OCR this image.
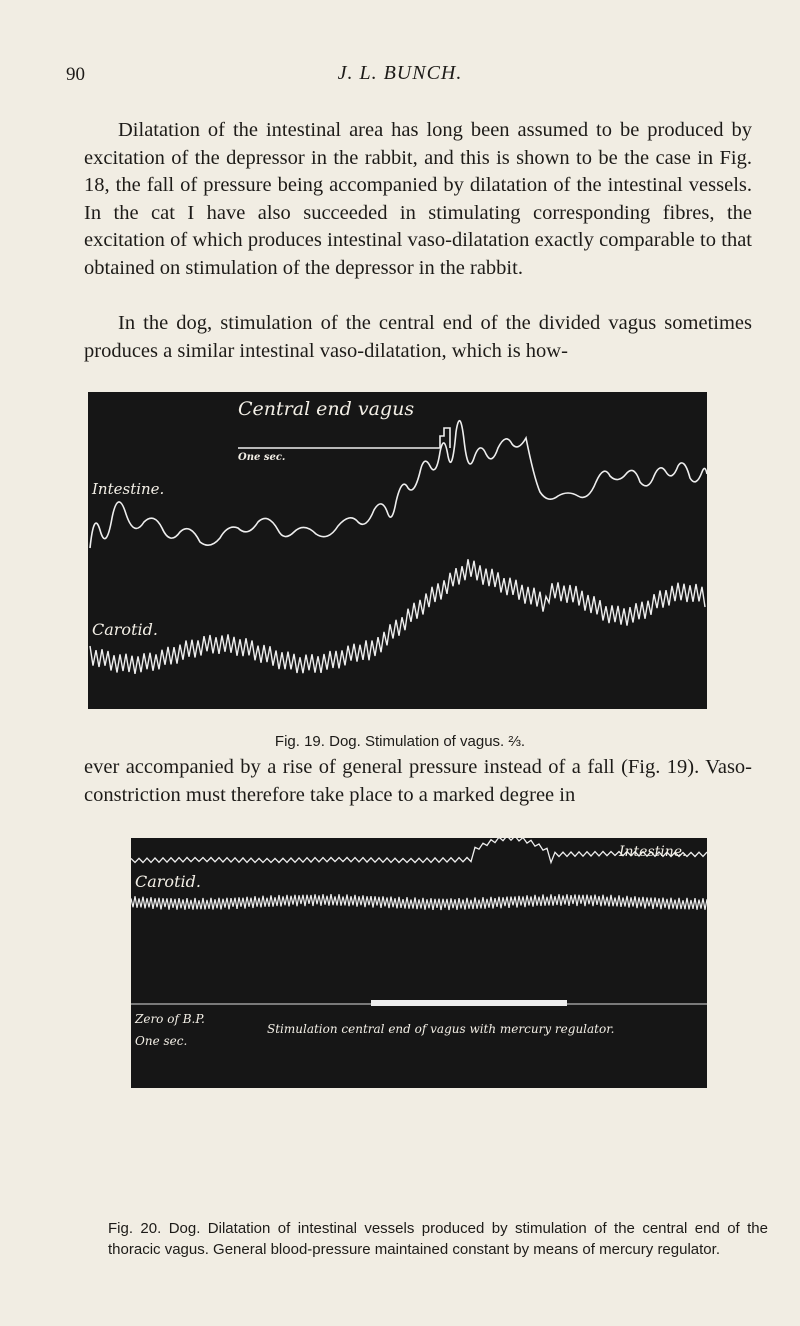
90	J. L. BUNCH.

Dilatation of the intestinal area has long been assumed to be produced by excitation of the depressor in the rabbit, and this is shown to be the case in Fig. 18, the fall of pressure being accompanied by dilatation of the intestinal vessels. In the cat I have also succeeded in stimulating corresponding fibres, the excitation of which produces intestinal vaso-dilatation exactly comparable to that obtained on stimulation of the depressor in the rabbit.

In the dog, stimulation of the central end of the divided vagus sometimes produces a similar intestinal vaso-dilatation, which is how-

Central end vagus
One sec.
Intestine.
Carotid.
Fig. 19. Dog. Stimulation of vagus. ⅔.

ever accompanied by a rise of general pressure instead of a fall (Fig. 19). Vaso-constriction must therefore take place to a marked degree in

Carotid.
Intestine.
Zero of B.P.
One sec.
Stimulation central end of vagus with mercury regulator.
Fig. 20. Dog. Dilatation of intestinal vessels produced by stimulation of the central end of the thoracic vagus. General blood-pressure maintained constant by means of mercury regulator.
